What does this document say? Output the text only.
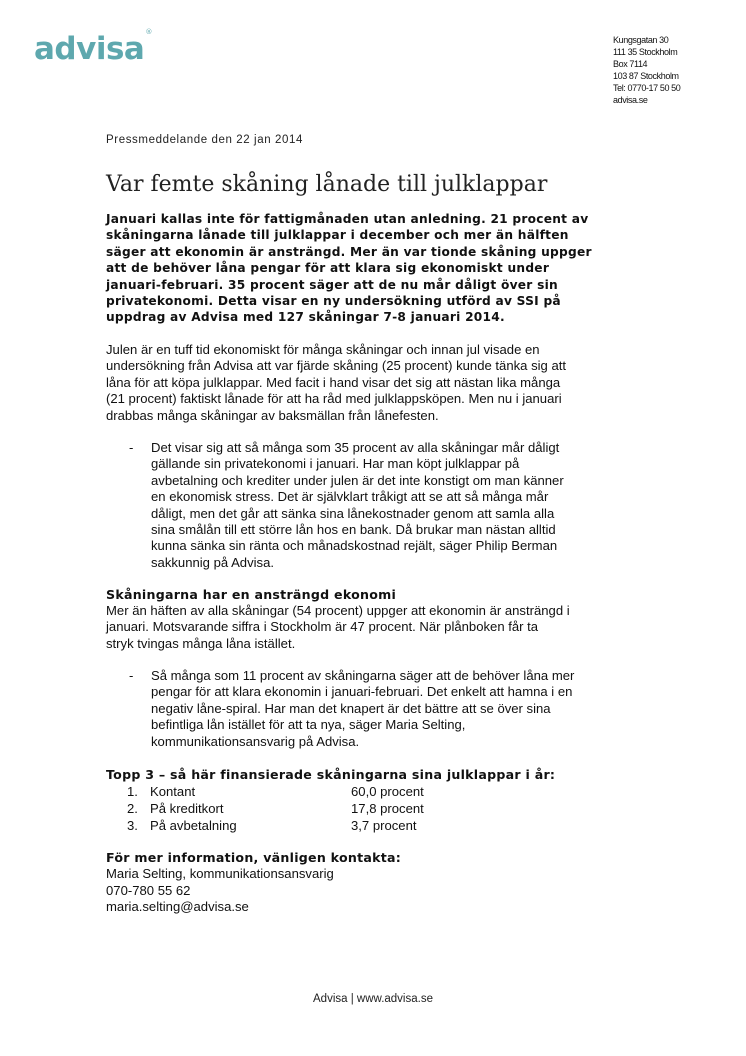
advisa®
Kungsgatan 30
111 35 Stockholm
Box 7114
103 87 Stockholm
Tel: 0770-17 50 50
advisa.se
Pressmeddelande den 22 jan 2014
Var femte skåning lånade till julklappar

Januari kallas inte för fattigmånaden utan anledning. 21 procent av
skåningarna lånade till julklappar i december och mer än hälften
säger att ekonomin är ansträngd. Mer än var tionde skåning uppger
att de behöver låna pengar för att klara sig ekonomiskt under
januari-februari. 35 procent säger att de nu mår dåligt över sin
privatekonomi. Detta visar en ny undersökning utförd av SSI på
uppdrag av Advisa med 127 skåningar 7-8 januari 2014.

Julen är en tuff tid ekonomiskt för många skåningar och innan jul visade en
undersökning från Advisa att var fjärde skåning (25 procent) kunde tänka sig att
låna för att köpa julklappar. Med facit i hand visar det sig att nästan lika många
(21 procent) faktiskt lånade för att ha råd med julklappsköpen. Men nu i januari
drabbas många skåningar av baksmällan från lånefesten.

- Det visar sig att så många som 35 procent av alla skåningar mår dåligt
gällande sin privatekonomi i januari. Har man köpt julklappar på
avbetalning och krediter under julen är det inte konstigt om man känner
en ekonomisk stress. Det är självklart tråkigt att se att så många mår
dåligt, men det går att sänka sina lånekostnader genom att samla alla
sina smålån till ett större lån hos en bank. Då brukar man nästan alltid
kunna sänka sin ränta och månadskostnad rejält, säger Philip Berman
sakkunnig på Advisa.
Skåningarna har en ansträngd ekonomi

Mer än häften av alla skåningar (54 procent) uppger att ekonomin är ansträngd i
januari. Motsvarande siffra i Stockholm är 47 procent. När plånboken får ta
stryk tvingas många låna istället.

- Så många som 11 procent av skåningarna säger att de behöver låna mer
pengar för att klara ekonomin i januari-februari. Det enkelt att hamna i en
negativ låne-spiral. Har man det knapert är det bättre att se över sina
befintliga lån istället för att ta nya, säger Maria Selting,
kommunikationsansvarig på Advisa.
Topp 3 – så här finansierade skåningarna sina julklappar i år:
1. Kontant	60,0 procent
2. På kreditkort	17,8 procent
3. På avbetalning	3,7 procent
För mer information, vänligen kontakta:
Maria Selting, kommunikationsansvarig
070-780 55 62
maria.selting@advisa.se
Advisa | www.advisa.se
